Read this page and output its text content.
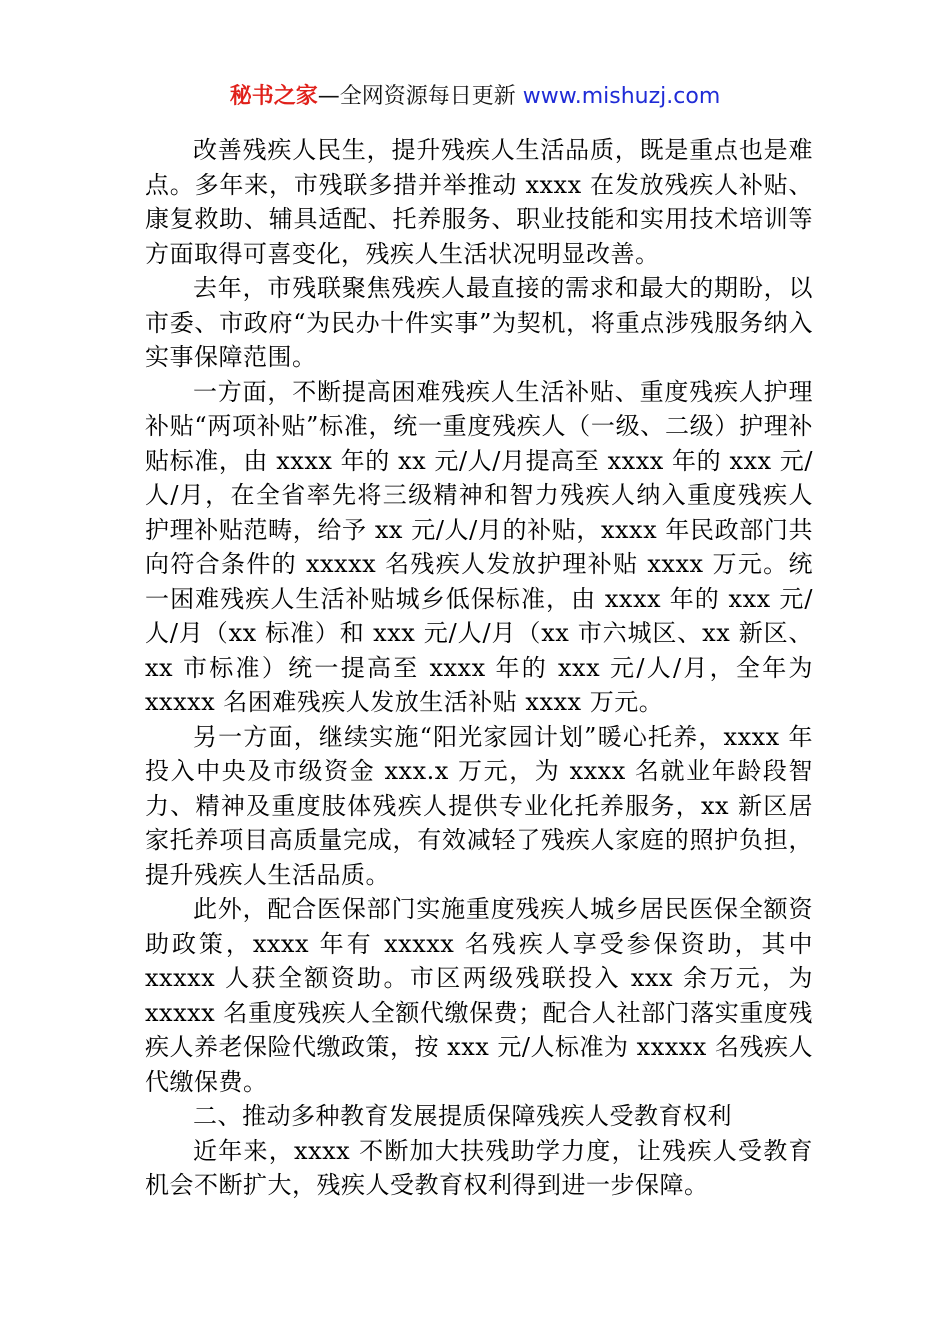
秘书之家—全网资源每日更新 www.mishuzj.com

改善残疾人民生，提升残疾人生活品质，既是重点也是难点。多年来，市残联多措并举推动 xxxx 在发放残疾人补贴、康复救助、辅具适配、托养服务、职业技能和实用技术培训等方面取得可喜变化，残疾人生活状况明显改善。

去年，市残联聚焦残疾人最直接的需求和最大的期盼，以市委、市政府“为民办十件实事”为契机，将重点涉残服务纳入实事保障范围。

一方面，不断提高困难残疾人生活补贴、重度残疾人护理补贴“两项补贴”标准，统一重度残疾人（一级、二级）护理补贴标准，由 xxxx 年的 xx 元/人/月提高至 xxxx 年的 xxx 元/人/月，在全省率先将三级精神和智力残疾人纳入重度残疾人护理补贴范畴，给予 xx 元/人/月的补贴，xxxx 年民政部门共向符合条件的 xxxxx 名残疾人发放护理补贴 xxxx 万元。统一困难残疾人生活补贴城乡低保标准，由 xxxx 年的 xxx 元/人/月（xx 标准）和 xxx 元/人/月（xx 市六城区、xx 新区、xx 市标准）统一提高至 xxxx 年的 xxx 元/人/月，全年为 xxxxx 名困难残疾人发放生活补贴 xxxx 万元。

另一方面，继续实施“阳光家园计划”暖心托养，xxxx 年投入中央及市级资金 xxx.x 万元，为 xxxx 名就业年龄段智力、精神及重度肢体残疾人提供专业化托养服务，xx 新区居家托养项目高质量完成，有效减轻了残疾人家庭的照护负担，提升残疾人生活品质。

此外，配合医保部门实施重度残疾人城乡居民医保全额资助政策，xxxx 年有 xxxxx 名残疾人享受参保资助，其中 xxxxx 人获全额资助。市区两级残联投入 xxx 余万元，为 xxxxx 名重度残疾人全额代缴保费；配合人社部门落实重度残疾人养老保险代缴政策，按 xxx 元/人标准为 xxxxx 名残疾人代缴保费。

二、推动多种教育发展提质保障残疾人受教育权利

近年来，xxxx 不断加大扶残助学力度，让残疾人受教育机会不断扩大，残疾人受教育权利得到进一步保障。
